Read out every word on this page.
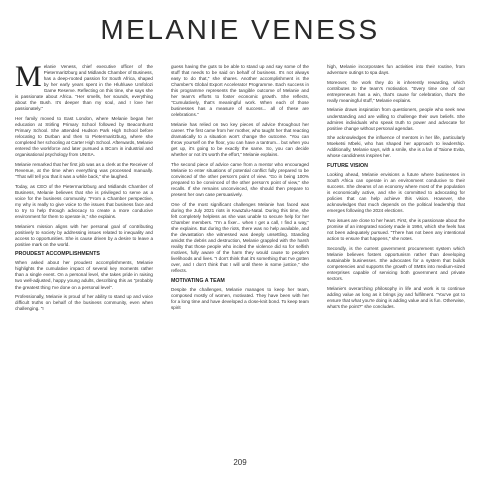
MELANIE VENESS

Melanie Veness, chief executive officer of the Pietermaritzburg and Midlands Chamber of Business, has a deep-rooted passion for South Africa, shaped by her early years spent in the Hluhluwe Umfolozi Game Reserve. Reflecting on this time, she says she is passionate about Africa. "Her smells, her sounds, everything about the Bush. It's deeper than my soul, and I love her passionately."

Her family moved to East London, where Melanie began her education at Stirling Primary School followed by Beaconhurst Primary School. She attended Hudson Park High School before relocating to Durban and then to Pietermaritzburg, where she completed her schooling at Carter High School. Afterwards, Melanie entered the workforce and later pursued a BCom in industrial and organisational psychology from UNISA.

Melanie remarked that her first job was as a clerk at the Receiver of Revenue, at the time when everything was processed manually. "That will tell you that it was a while back," she laughed.

Today, as CEO of the Pietermaritzburg and Midlands Chamber of Business, Melanie believes that she is privileged to serve as a voice for the business community. "From a Chamber perspective, my why is really to give voice to the issues that business face and to try to help through advocacy to create a more conducive environment for them to operate in," she explains.

Melanie's mission aligns with her personal goal of contributing positively to society by addressing issues related to inequality and access to opportunities. She is cause driven by a desire to leave a positive mark on the world.

PROUDEST ACCOMPLISHMENTS

When asked about her proudest accomplishments, Melanie highlights the cumulative impact of several key moments rather than a single event. On a personal level, she takes pride in raising two well-adjusted, happy young adults, describing this as "probably the greatest thing I've done on a personal level".

Professionally, Melanie is proud of her ability to stand up and voice difficult truths on behalf of the business community, even when challenging. "I

guess having the guts to be able to stand up and say some of the stuff that needs to be said on behalf of business. It's not always easy to do that," she shares. Another accomplishment is the Chamber's Global Export Accelerator Programme. Each success in this programme represents the tangible outcome of Melanie and her team's efforts to foster economic growth. She reflects, "Cumulatively, that's meaningful work. When each of those businesses has a measure of success... all of these are celebrations."

Melanie has relied on two key pieces of advice throughout her career. The first came from her mother, who taught her that reacting dramatically to a situation won't change the outcome. "You can throw yourself on the floor, you can have a tantrum... but when you get up, it's going to be exactly the same. So, you can decide whether or not it's worth the effort," Melanie explains.

The second piece of advice came from a mentor who encouraged Melanie to enter situations of potential conflict fully prepared to be convinced of the other person's point of view. "Go in being 100% prepared to be convinced of the other person's point of view," she recalls. If she remains unconvinced, she should then prepare to present her own case persuasively.

One of the most significant challenges Melanie has faced was during the July 2021 riots in KwaZulu-Natal. During this time, she felt completely helpless as she was unable to secure help for her Chamber members. "I'm a fixer... when I get a call, I find a way," she explains. But during the riots, there was no help available, and the devastation she witnessed was deeply unsettling. Standing amidst the debris and destruction, Melanie grappled with the harsh reality that those people who incited the violence did so for selfish motives, fully aware of the harm they would cause to people's livelihoods and lives. "I don't think that it's something that I've gotten over, and I don't think that I will until there is some justice," she reflects.

MOTIVATING A TEAM

Despite the challenges, Melanie manages to keep her team, composed mostly of women, motivated. They have been with her for a long time and have developed a close-knit bond. To keep team spirit

high, Melanie incorporates fun activities into their routine, from adventure outings to spa days.

Moreover, the work they do is inherently rewarding, which contributes to the team's motivation. "Every time one of our entrepreneurs has a win, that's cause for celebration, that's the really meaningful stuff," Melanie explains.

Melanie draws inspiration from questioners, people who seek new understanding and are willing to challenge their own beliefs. She admires individuals who speak truth to power and advocate for positive change without personal agendas.

She acknowledges the influence of mentors in her life, particularly Moeketsi Mbeki, who has shaped her approach to leadership. Additionally, Melanie says, with a smile, she is a fan of Taione Evita, whose candidness inspires her.

FUTURE VISION

Looking ahead, Melanie envisions a future where businesses in South Africa can operate in an environment conducive to their success. She dreams of an economy where most of the population is economically active, and she is committed to advocating for policies that can help achieve this vision. However, she acknowledges that much depends on the political leadership that emerges following the 2024 elections.

Two issues are close to her heart. First, she is passionate about the promise of an integrated society made in 1994, which she feels has not been adequately pursued. "There has not been any intentional action to ensure that happens," she notes.

Secondly, is the current government procurement system which Melanie believes fosters opportunism rather than developing sustainable businesses. She advocates for a system that builds competencies and supports the growth of SMEs into medium-sized enterprises capable of servicing both government and private sectors.

Melanie's overarching philosophy in life and work is to continue adding value as long as it brings joy and fulfilment. "You've got to ensure that what you're doing is adding value and is fun. Otherwise, what's the point?" she concludes.

209
